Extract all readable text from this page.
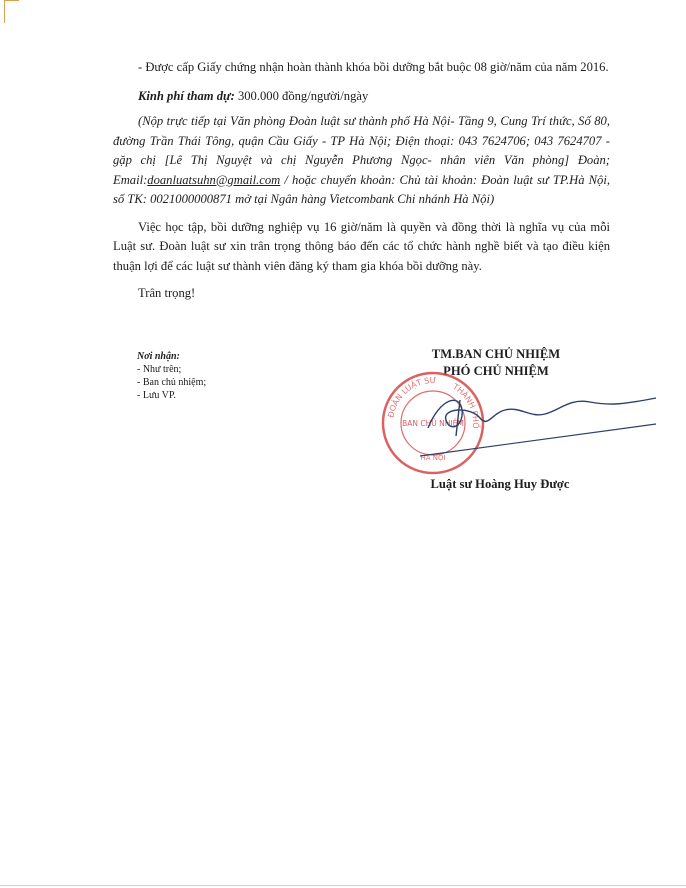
- Được cấp Giấy chứng nhận hoàn thành khóa bồi dưỡng bắt buộc 08 giờ/năm của năm 2016.

Kinh phí tham dự: 300.000 đồng/người/ngày

(Nộp trực tiếp tại Văn phòng Đoàn luật sư thành phố Hà Nội- Tầng 9, Cung Trí thức, Số 80, đường Trần Thái Tông, quận Cầu Giấy - TP Hà Nội; Điện thoại: 043 7624706; 043 7624707 - gặp chị [Lê Thị Nguyệt và chị Nguyễn Phương Ngọc- nhân viên Văn phòng] Đoàn; Email:doanluatsuhn@gmail.com / hoặc chuyển khoản: Chủ tài khoản: Đoàn luật sư TP.Hà Nội, số TK: 0021000000871 mở tại Ngân hàng Vietcombank Chi nhánh Hà Nội)

Việc học tập, bồi dưỡng nghiệp vụ 16 giờ/năm là quyền và đồng thời là nghĩa vụ của mỗi Luật sư. Đoàn luật sư xin trân trọng thông báo đến các tổ chức hành nghề biết và tạo điều kiện thuận lợi để các luật sư thành viên đăng ký tham gia khóa bồi dưỡng này.

Trân trọng!

Nơi nhận:
- Như trên;
- Ban chủ nhiệm;
- Lưu VP.
TM.BAN CHỦ NHIỆM
PHÓ CHỦ NHIỆM
ĐOÀN LUẬT SƯ
THÀNH PHỐ
HÀ NỘI
BAN CHỦ NHIỆM
Luật sư Hoàng Huy Được
